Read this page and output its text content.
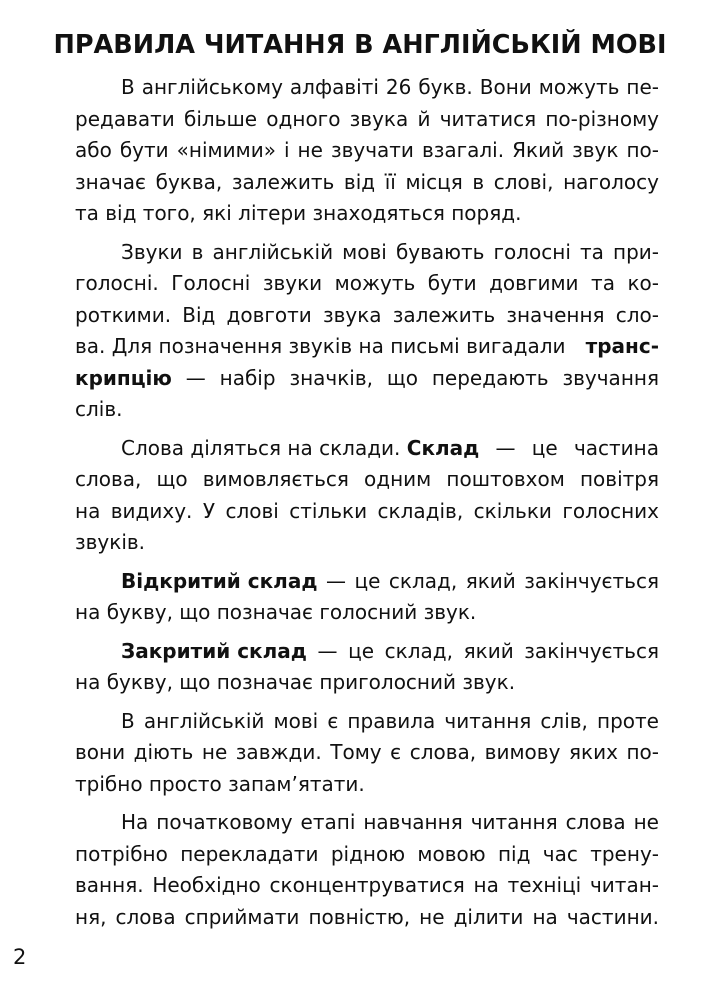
ПРАВИЛА ЧИТАННЯ В АНГЛІЙСЬКІЙ МОВІ

В англійському алфавіті 26 букв. Вони можуть пе-
редавати більше одного звука й читатися по-різному
або бути «німими» і не звучати взагалі. Який звук по-
значає буква, залежить від її місця в слові, наголосу
та від того, які літери знаходяться поряд.

Звуки в англійській мові бувають голосні та при-
голосні. Голосні звуки можуть бути довгими та ко-
роткими. Від довготи звука залежить значення сло-
ва. Для позначення звуків на письмі вигадали транс-
крипцію — набір значків, що передають звучання
слів.

Слова діляться на склади. Склад — це частина
слова, що вимовляється одним поштовхом повітря
на видиху. У слові стільки складів, скільки голосних
звуків.

Відкритий склад — це склад, який закінчується
на букву, що позначає голосний звук.

Закритий склад — це склад, який закінчується
на букву, що позначає приголосний звук.

В англійській мові є правила читання слів, проте
вони діють не завжди. Тому є слова, вимову яких по-
трібно просто запам’ятати.

На початковому етапі навчання читання слова не
потрібно перекладати рідною мовою під час трену-
вання. Необхідно сконцентруватися на техніці читан-
ня, слова сприймати повністю, не ділити на частини.

2
